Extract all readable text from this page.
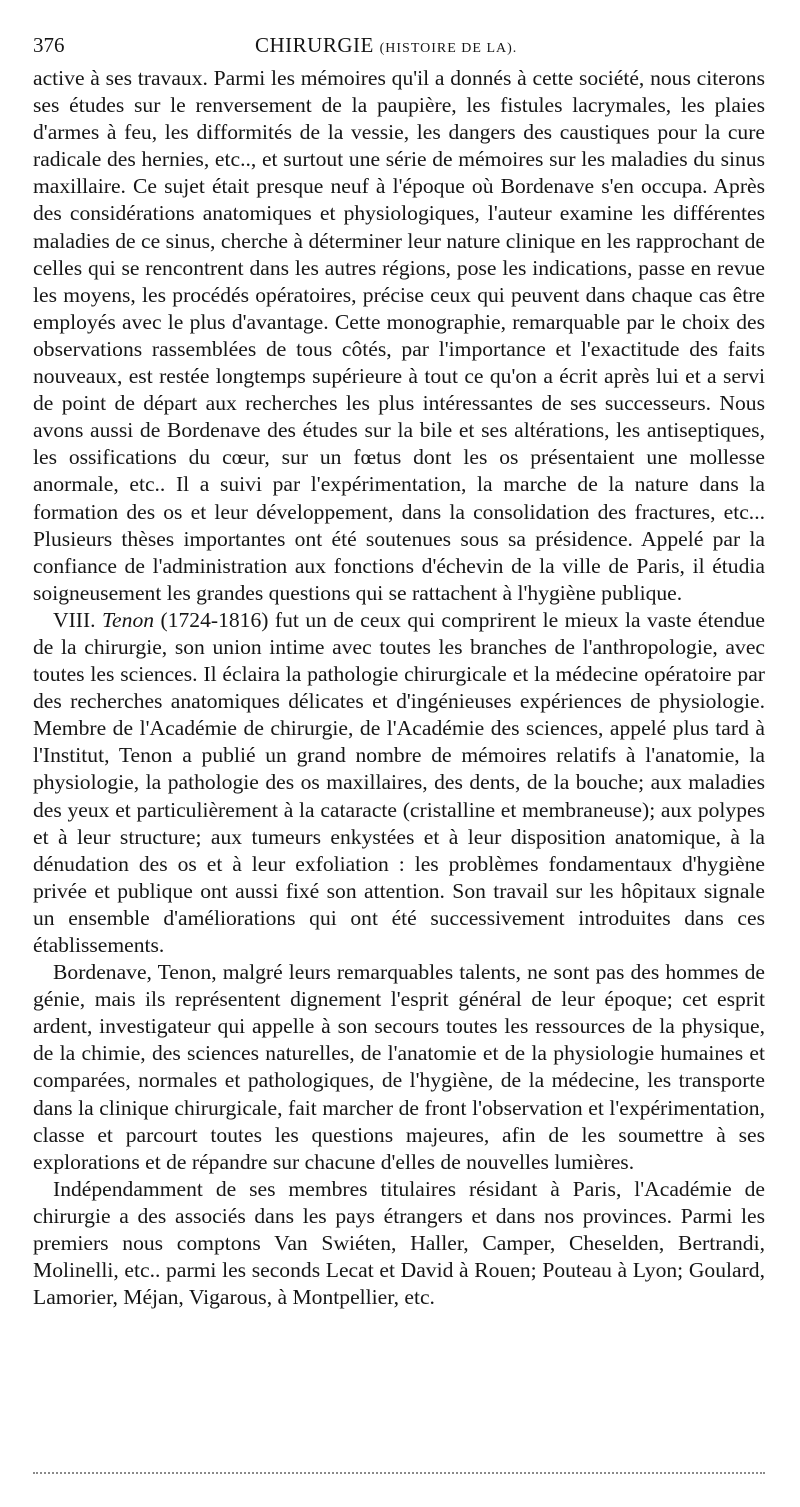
376	CHIRURGIE (HISTOIRE DE LA).

active à ses travaux. Parmi les mémoires qu'il a donnés à cette société, nous citerons ses études sur le renversement de la paupière, les fistules lacrymales, les plaies d'armes à feu, les difformités de la vessie, les dangers des caustiques pour la cure radicale des hernies, etc.., et surtout une série de mémoires sur les maladies du sinus maxillaire. Ce sujet était presque neuf à l'époque où Bordenave s'en occupa. Après des considérations anatomiques et physiologiques, l'auteur examine les différentes maladies de ce sinus, cherche à déterminer leur nature clinique en les rapprochant de celles qui se rencontrent dans les autres régions, pose les indications, passe en revue les moyens, les procédés opératoires, précise ceux qui peuvent dans chaque cas être employés avec le plus d'avantage. Cette monographie, remarquable par le choix des observations rassemblées de tous côtés, par l'importance et l'exactitude des faits nouveaux, est restée longtemps supérieure à tout ce qu'on a écrit après lui et a servi de point de départ aux recherches les plus intéressantes de ses successeurs. Nous avons aussi de Bordenave des études sur la bile et ses altérations, les antiseptiques, les ossifications du cœur, sur un fœtus dont les os présentaient une mollesse anormale, etc.. Il a suivi par l'expérimentation, la marche de la nature dans la formation des os et leur développement, dans la consolidation des fractures, etc... Plusieurs thèses importantes ont été soutenues sous sa présidence. Appelé par la confiance de l'administration aux fonctions d'échevin de la ville de Paris, il étudia soigneusement les grandes questions qui se rattachent à l'hygiène publique.

VIII. Tenon (1724-1816) fut un de ceux qui comprirent le mieux la vaste étendue de la chirurgie, son union intime avec toutes les branches de l'anthropologie, avec toutes les sciences. Il éclaira la pathologie chirurgicale et la médecine opératoire par des recherches anatomiques délicates et d'ingénieuses expériences de physiologie. Membre de l'Académie de chirurgie, de l'Académie des sciences, appelé plus tard à l'Institut, Tenon a publié un grand nombre de mémoires relatifs à l'anatomie, la physiologie, la pathologie des os maxillaires, des dents, de la bouche; aux maladies des yeux et particulièrement à la cataracte (cristalline et membraneuse); aux polypes et à leur structure; aux tumeurs enkystées et à leur disposition anatomique, à la dénudation des os et à leur exfoliation : les problèmes fondamentaux d'hygiène privée et publique ont aussi fixé son attention. Son travail sur les hôpitaux signale un ensemble d'améliorations qui ont été successivement introduites dans ces établissements.

Bordenave, Tenon, malgré leurs remarquables talents, ne sont pas des hommes de génie, mais ils représentent dignement l'esprit général de leur époque; cet esprit ardent, investigateur qui appelle à son secours toutes les ressources de la physique, de la chimie, des sciences naturelles, de l'anatomie et de la physiologie humaines et comparées, normales et pathologiques, de l'hygiène, de la médecine, les transporte dans la clinique chirurgicale, fait marcher de front l'observation et l'expérimentation, classe et parcourt toutes les questions majeures, afin de les soumettre à ses explorations et de répandre sur chacune d'elles de nouvelles lumières.

Indépendamment de ses membres titulaires résidant à Paris, l'Académie de chirurgie a des associés dans les pays étrangers et dans nos provinces. Parmi les premiers nous comptons Van Swiéten, Haller, Camper, Cheselden, Bertrandi, Molinelli, etc.. parmi les seconds Lecat et David à Rouen; Pouteau à Lyon; Goulard, Lamorier, Méjan, Vigarous, à Montpellier, etc.
